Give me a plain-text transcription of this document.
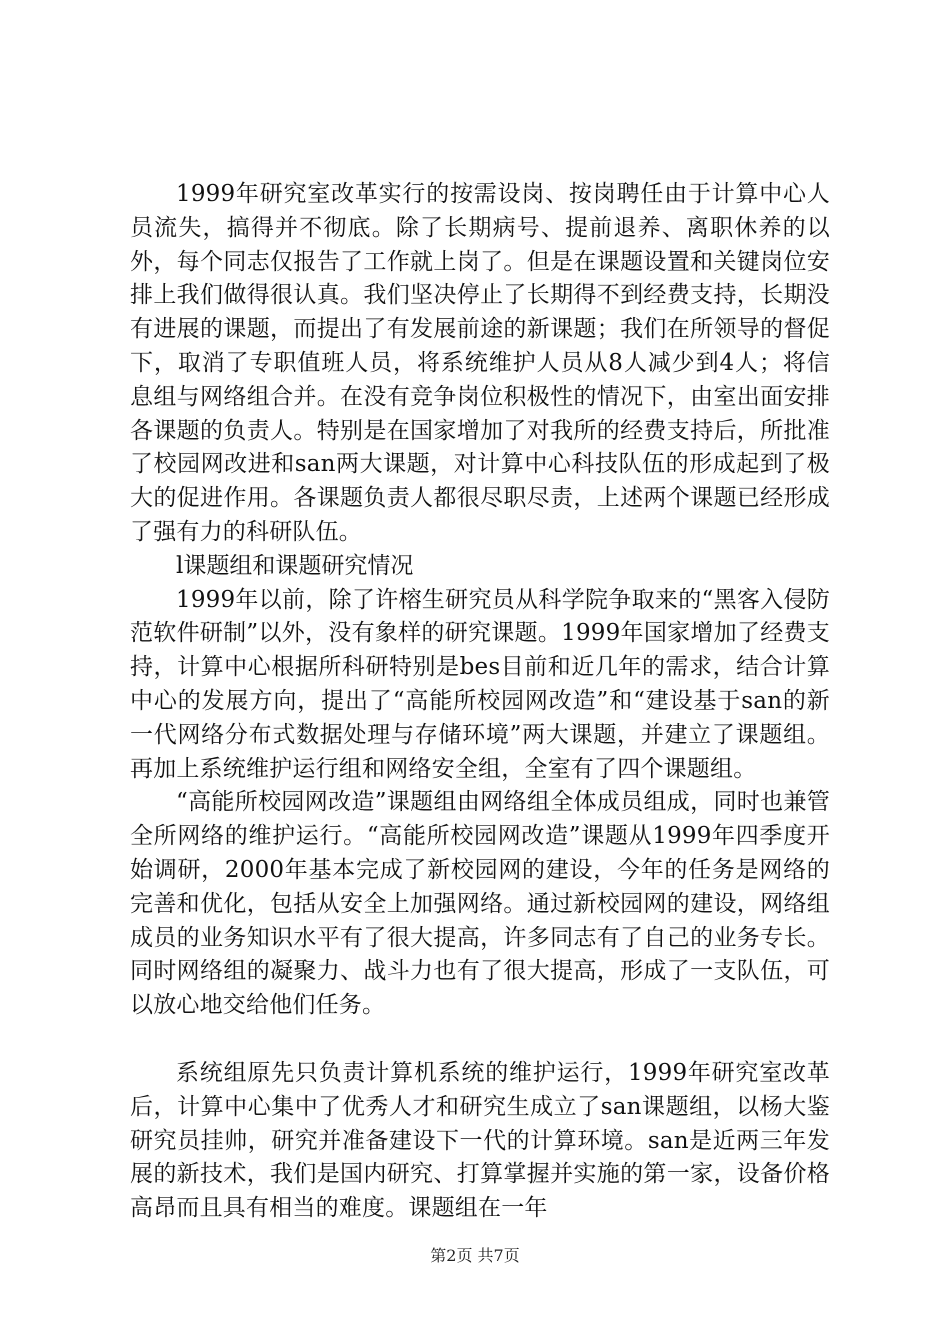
1999年研究室改革实行的按需设岗、按岗聘任由于计算中心人员流失，搞得并不彻底。除了长期病号、提前退养、离职休养的以外，每个同志仅报告了工作就上岗了。但是在课题设置和关键岗位安排上我们做得很认真。我们坚决停止了长期得不到经费支持，长期没有进展的课题，而提出了有发展前途的新课题；我们在所领导的督促下，取消了专职值班人员，将系统维护人员从8人减少到4人；将信息组与网络组合并。在没有竞争岗位积极性的情况下，由室出面安排各课题的负责人。特别是在国家增加了对我所的经费支持后，所批准了校园网改进和san两大课题，对计算中心科技队伍的形成起到了极大的促进作用。各课题负责人都很尽职尽责，上述两个课题已经形成了强有力的科研队伍。

l课题组和课题研究情况

1999年以前，除了许榕生研究员从科学院争取来的“黑客入侵防范软件研制”以外，没有象样的研究课题。1999年国家增加了经费支持，计算中心根据所科研特别是bes目前和近几年的需求，结合计算中心的发展方向，提出了“高能所校园网改造”和“建设基于san的新一代网络分布式数据处理与存储环境”两大课题，并建立了课题组。再加上系统维护运行组和网络安全组，全室有了四个课题组。

“高能所校园网改造”课题组由网络组全体成员组成，同时也兼管全所网络的维护运行。“高能所校园网改造”课题从1999年四季度开始调研，2000年基本完成了新校园网的建设，今年的任务是网络的完善和优化，包括从安全上加强网络。通过新校园网的建设，网络组成员的业务知识水平有了很大提高，许多同志有了自己的业务专长。同时网络组的凝聚力、战斗力也有了很大提高，形成了一支队伍，可以放心地交给他们任务。

系统组原先只负责计算机系统的维护运行，1999年研究室改革后，计算中心集中了优秀人才和研究生成立了san课题组，以杨大鉴研究员挂帅，研究并准备建设下一代的计算环境。san是近两三年发展的新技术，我们是国内研究、打算掌握并实施的第一家，设备价格高昂而且具有相当的难度。课题组在一年

第2页 共7页
